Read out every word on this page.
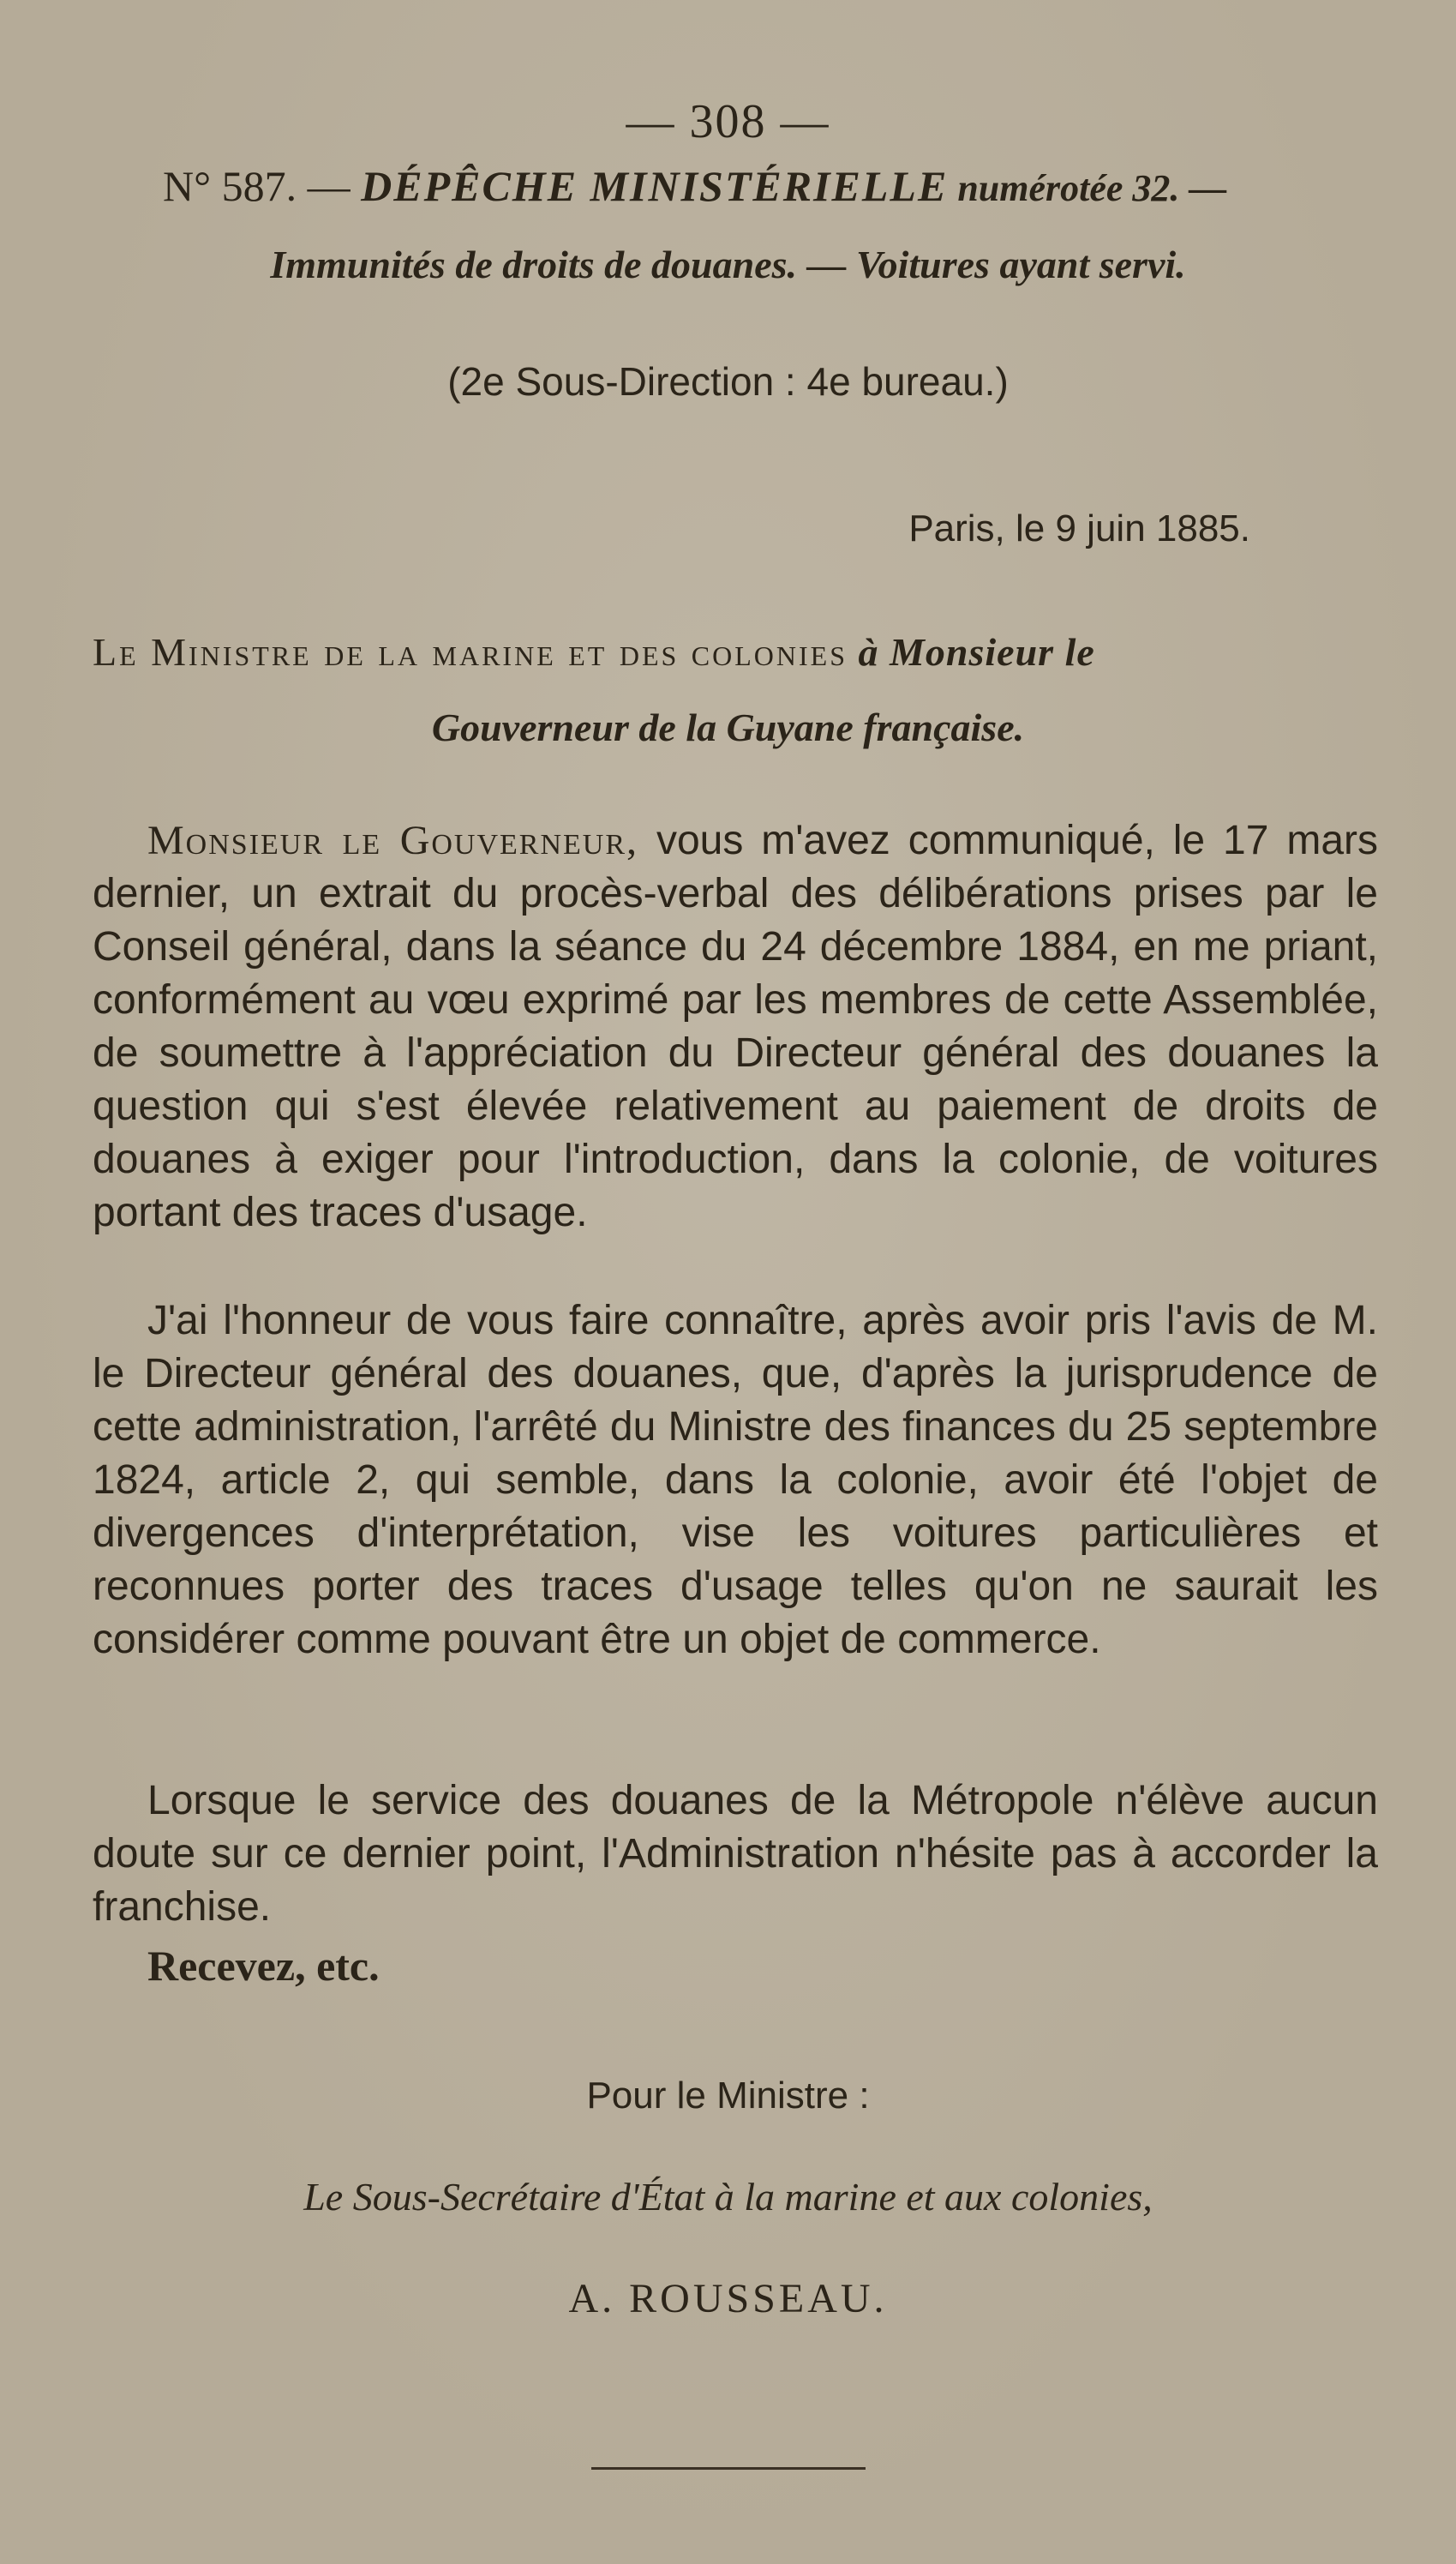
— 308 —
N° 587. — DÉPÊCHE MINISTÉRIELLE numérotée 32. —
Immunités de droits de douanes. — Voitures ayant servi.
(2e Sous-Direction : 4e bureau.)
Paris, le 9 juin 1885.
Le Ministre de la marine et des colonies à Monsieur le
Gouverneur de la Guyane française.

Monsieur le Gouverneur, vous m'avez communiqué, le 17 mars dernier, un extrait du procès-verbal des délibérations prises par le Conseil général, dans la séance du 24 décembre 1884, en me priant, conformément au vœu exprimé par les membres de cette Assemblée, de soumettre à l'appréciation du Directeur général des douanes la question qui s'est élevée relativement au paiement de droits de douanes à exiger pour l'introduction, dans la colonie, de voitures portant des traces d'usage.

J'ai l'honneur de vous faire connaître, après avoir pris l'avis de M. le Directeur général des douanes, que, d'après la jurisprudence de cette administration, l'arrêté du Ministre des finances du 25 septembre 1824, article 2, qui semble, dans la colonie, avoir été l'objet de divergences d'interprétation, vise les voitures particulières et reconnues porter des traces d'usage telles qu'on ne saurait les considérer comme pouvant être un objet de commerce.

Lorsque le service des douanes de la Métropole n'élève aucun doute sur ce dernier point, l'Administration n'hésite pas à accorder la franchise.

Recevez, etc.
Pour le Ministre :
Le Sous-Secrétaire d'État à la marine et aux colonies,
A. ROUSSEAU.
